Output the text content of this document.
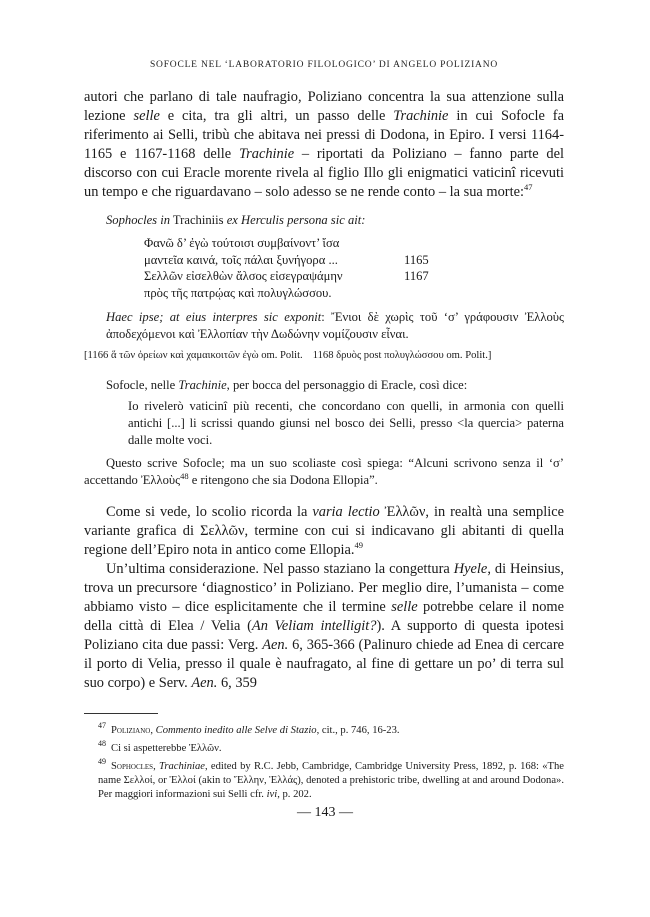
SOFOCLE NEL ‘LABORATORIO FILOLOGICO’ DI ANGELO POLIZIANO

autori che parlano di tale naufragio, Poliziano concentra la sua attenzione sulla lezione selle e cita, tra gli altri, un passo delle Trachinie in cui Sofocle fa riferimento ai Selli, tribù che abitava nei pressi di Dodona, in Epiro. I versi 1164-1165 e 1167-1168 delle Trachinie – riportati da Poliziano – fanno parte del discorso con cui Eracle morente rivela al figlio Illo gli enigmatici vaticinî ricevuti un tempo e che riguardavano – solo adesso se ne rende conto – la sua morte:$^{47}$

Sophocles in Trachiniis ex Herculis persona sic ait:
Φανῶ δ’ ἐγὼ τούτοισι συμβαίνοντ’ ἴσα
μαντεῖα καινά, τοῖς πάλαι ξυνήγορα ...	1165
Σελλῶν εἰσελθὼν ἄλσος εἰσεγραψάμην	1167
πρὸς τῆς πατρῴας καὶ πολυγλώσσου.
Haec ipse; at eius interpres sic exponit: Ἔνιοι δὲ χωρὶς τοῦ ‘σ’ γράφουσιν Ἐλλοὺς ἀποδεχόμενοι καὶ Ἐλλοπίαν τὴν Δωδώνην νομίζουσιν εἶναι.
[1166 ἅ τῶν ὀρείων καὶ χαμαικοιτῶν ἐγὼ om. Polit. 1168 δρυὸς post πολυγλώσσου om. Polit.]
Sofocle, nelle Trachinie, per bocca del personaggio di Eracle, così dice:
Io rivelerò vaticinî più recenti, che concordano con quelli, in armonia con quelli antichi [...] li scrissi quando giunsi nel bosco dei Selli, presso <la quercia> paterna dalle molte voci.
Questo scrive Sofocle; ma un suo scoliaste così spiega: “Alcuni scrivono senza il ‘σ’ accettando Ἐλλοὺς$^{48}$ e ritengono che sia Dodona Ellopia”.

Come si vede, lo scolio ricorda la varia lectio Ἐλλῶν, in realtà una semplice variante grafica di Σελλῶν, termine con cui si indicavano gli abitanti di quella regione dell’Epiro nota in antico come Ellopia.$^{49}$

Un’ultima considerazione. Nel passo staziano la congettura Hyele, di Heinsius, trova un precursore ‘diagnostico’ in Poliziano. Per meglio dire, l’umanista – come abbiamo visto – dice esplicitamente che il termine selle potrebbe celare il nome della città di Elea / Velia (An Veliam intelligit?). A supporto di questa ipotesi Poliziano cita due passi: Verg. Aen. 6, 365-366 (Palinuro chiede ad Enea di cercare il porto di Velia, presso il quale è naufragato, al fine di gettare un po’ di terra sul suo corpo) e Serv. Aen. 6, 359

$^{47}$ Poliziano, Commento inedito alle Selve di Stazio, cit., p. 746, 16-23.

$^{48}$ Ci si aspetterebbe Ἐλλῶν.

$^{49}$ Sophocles, Trachiniae, edited by R.C. Jebb, Cambridge, Cambridge University Press, 1892, p. 168: «The name Σελλοί, or Ἑλλοί (akin to Ἕλλην, Ἑλλάς), denoted a prehistoric tribe, dwelling at and around Dodona». Per maggiori informazioni sui Selli cfr. ivi, p. 202.

— 143 —
